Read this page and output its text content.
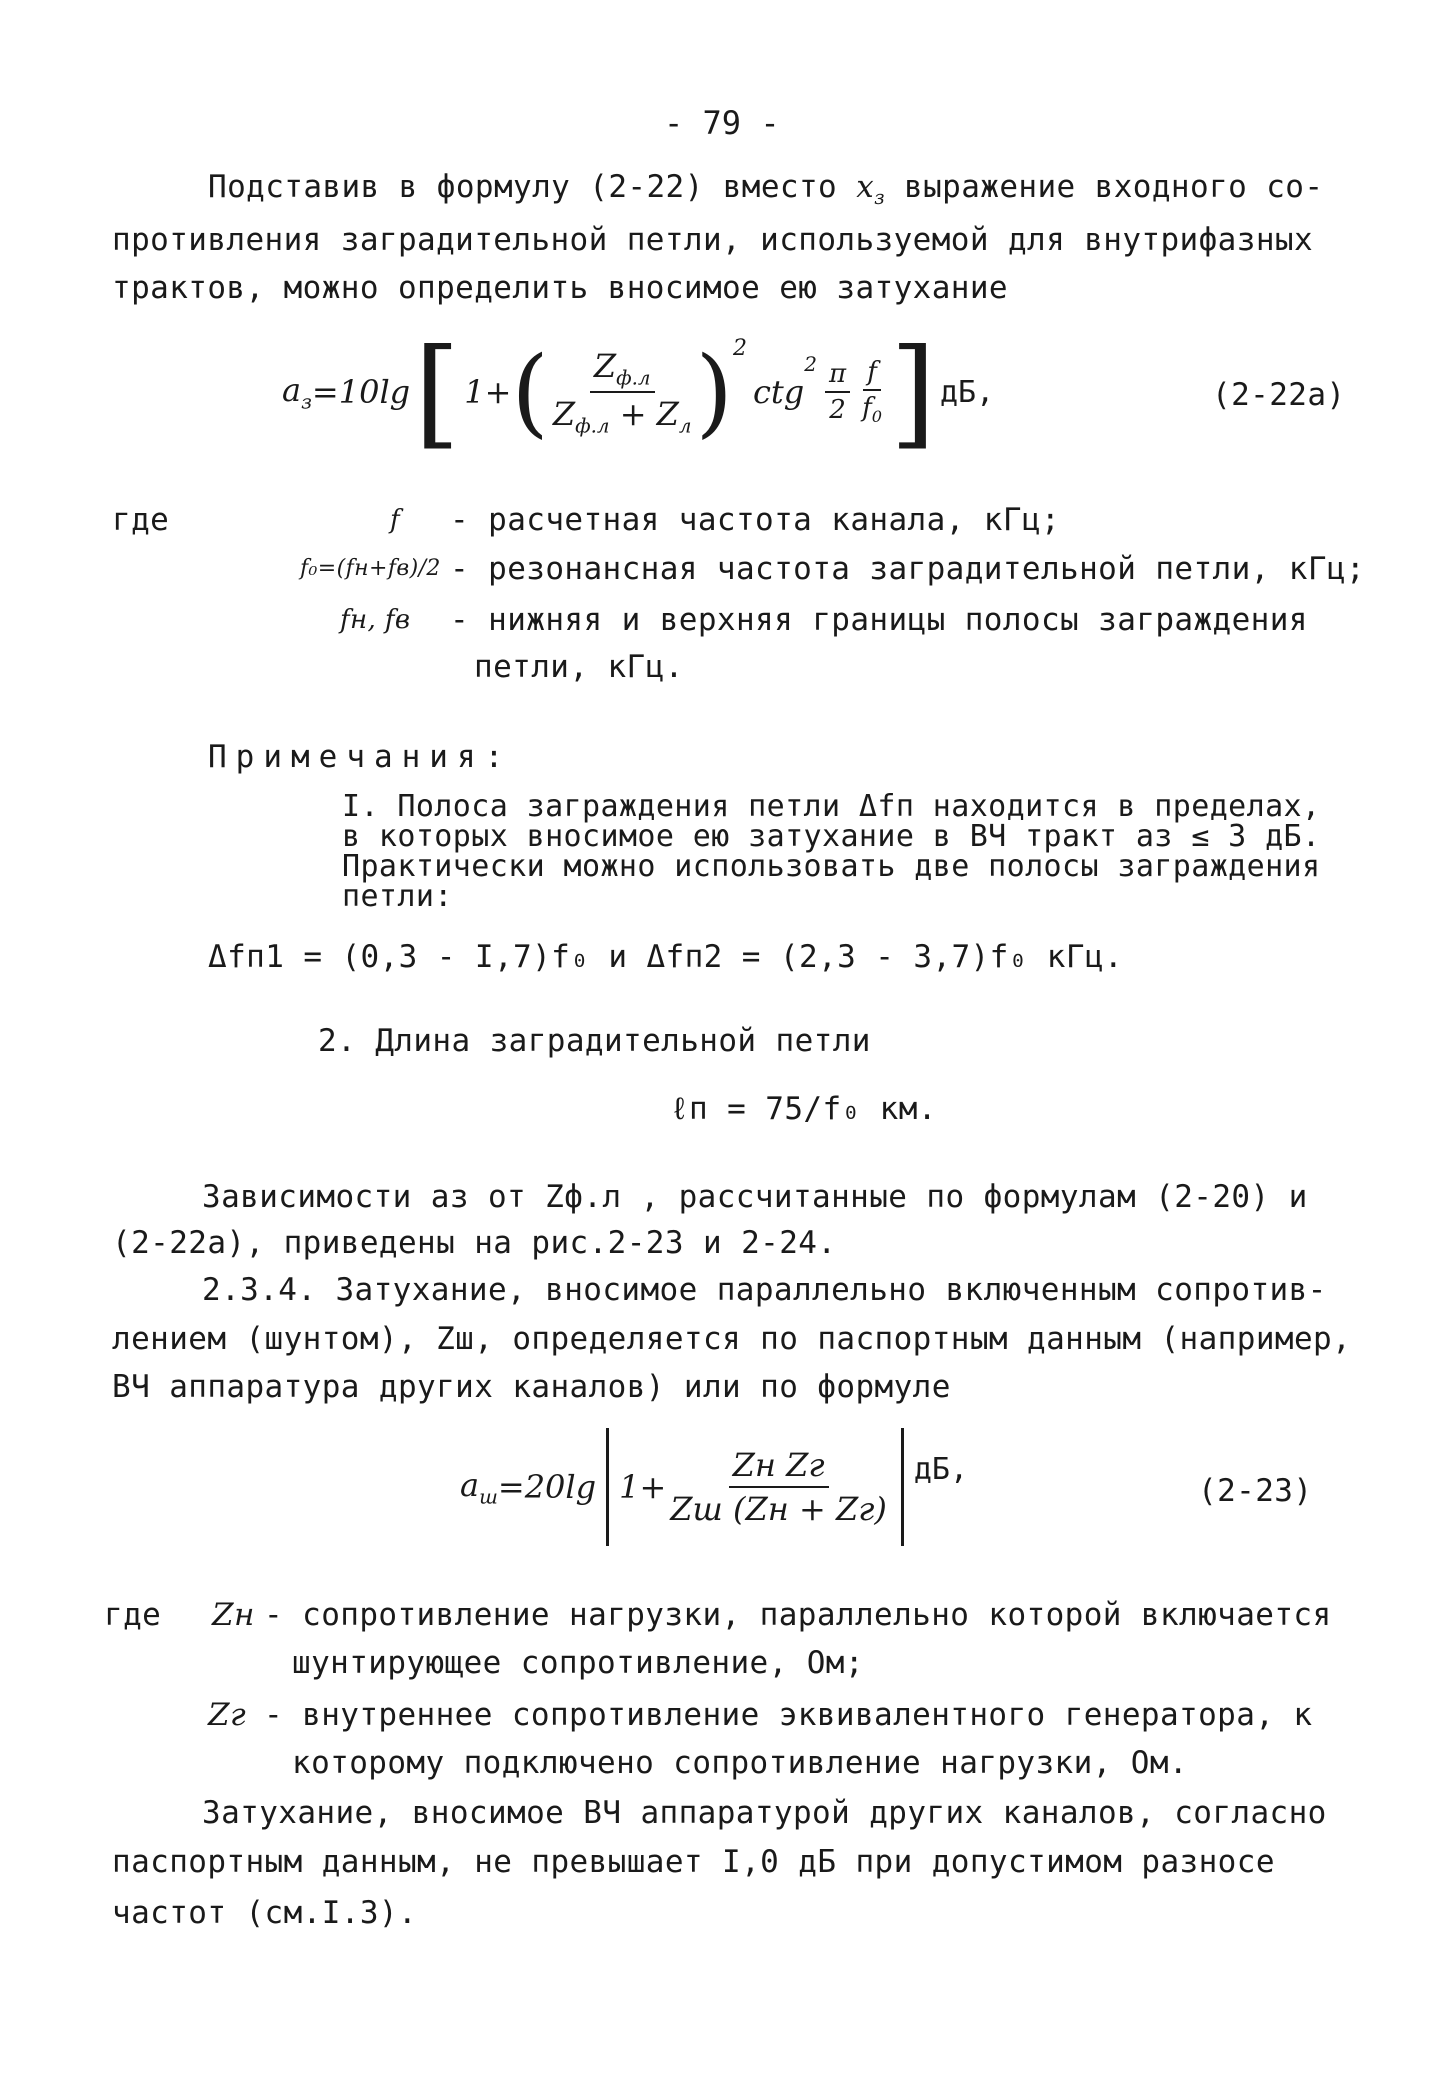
- 79 -
Подставив в формулу (2-22) вместо $x_з$ выражение входного со-
противления заградительной петли, используемой для внутрифазных
трактов, можно определить вносимое ею затухание
$a_з =10\lg$ [ 1+ ( $Z_{ф.л}$
$Z_{ф.л} + Z_л$ )$^2$
ctg
$^2$ π
2
f
$f_0$ ] дБ,	(2-22а)
где	f - расчетная частота канала, кГц;
f₀=(fн+fв)/2 - резонансная частота заградительной петли, кГц;
fн, fв - нижняя и верхняя границы полосы заграждения
петли, кГц.
Примечания:
I. Полоса заграждения петли Δfп находится в пределах,
в которых вносимое ею затухание в ВЧ тракт aз ≤ 3 дБ.
Практически можно использовать две полосы заграждения
петли:
Δfп1 = (0,3 - I,7)f₀ и Δfп2 = (2,3 - 3,7)f₀ кГц.
2. Длина заградительной петли
ℓп = 75/f₀ км.
Зависимости aз от Zф.л , рассчитанные по формулам (2-20) и
(2-22а), приведены на рис.2-23 и 2-24.
2.3.4. Затухание, вносимое параллельно включенным сопротив-
лением (шунтом), Zш, определяется по паспортным данным (например,
ВЧ аппаратура других каналов) или по формуле
$a_ш =20\lg$ 1+
Zн Zг
Zш (Zн + Zг)
дБ,
(2-23)
где Zн - сопротивление нагрузки, параллельно которой включается
шунтирующее сопротивление, Ом;
Zг - внутреннее сопротивление эквивалентного генератора, к
которому подключено сопротивление нагрузки, Ом.
Затухание, вносимое ВЧ аппаратурой других каналов, согласно
паспортным данным, не превышает I,0 дБ при допустимом разносе
частот (см.I.3).
